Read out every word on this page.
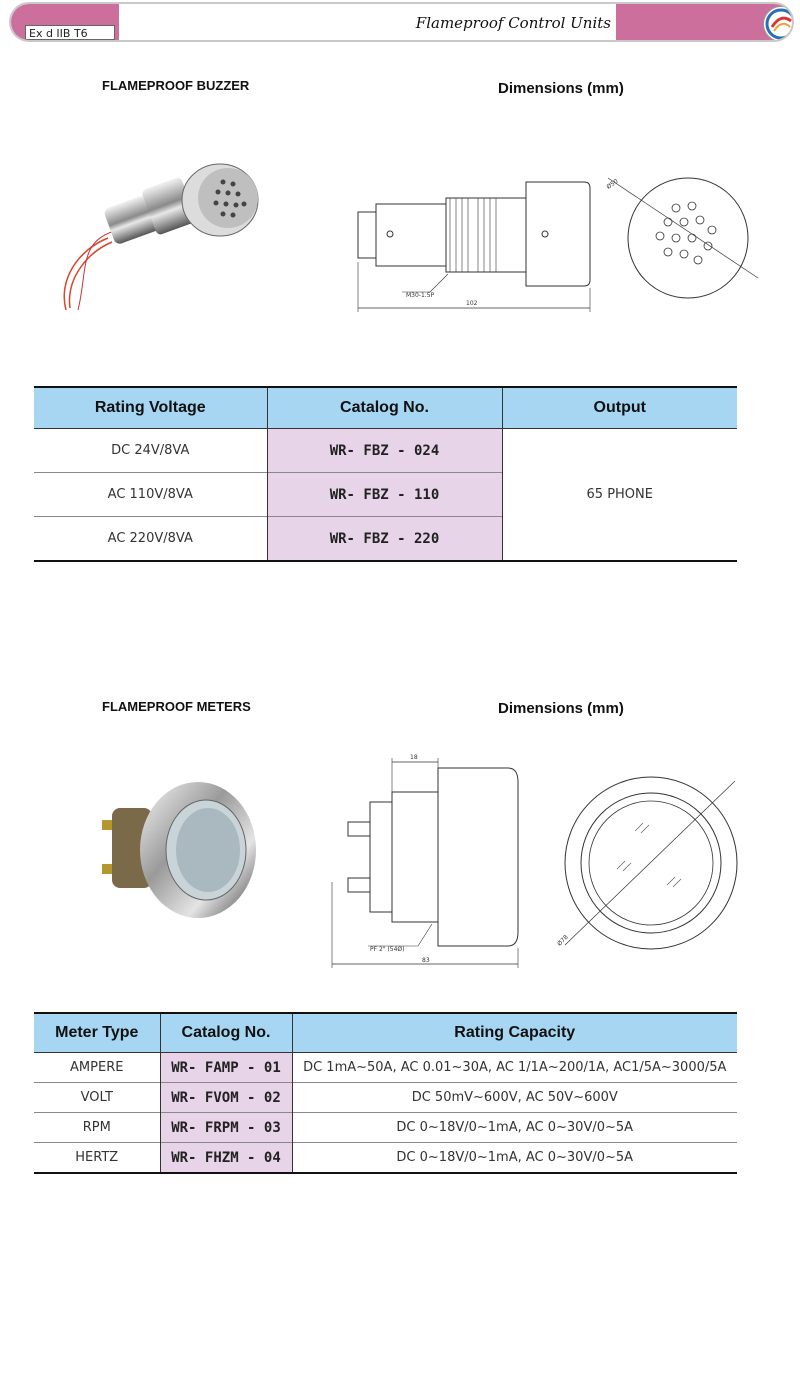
Ex d IIB T6
Flameproof Control Units
FLAMEPROOF BUZZER	Dimensions (mm)
M30-1.5P
102
Ø50
Rating Voltage	Catalog No.	Output
DC 24V/8VA	WR- FBZ - 024	65 PHONE
AC 110V/8VA	WR- FBZ - 110	
AC 220V/8VA	WR- FBZ - 220	
FLAMEPROOF METERS	Dimensions (mm)
18
83
PF 2" (54Ø)
Ø78
Meter Type	Catalog No.	Rating Capacity
AMPERE	WR- FAMP - 01	DC 1mA~50A, AC 0.01~30A, AC 1/1A~200/1A, AC1/5A~3000/5A
VOLT	WR- FVOM - 02	DC 50mV~600V, AC 50V~600V
RPM	WR- FRPM - 03	DC 0~18V/0~1mA, AC 0~30V/0~5A
HERTZ	WR- FHZM - 04	DC 0~18V/0~1mA, AC 0~30V/0~5A
